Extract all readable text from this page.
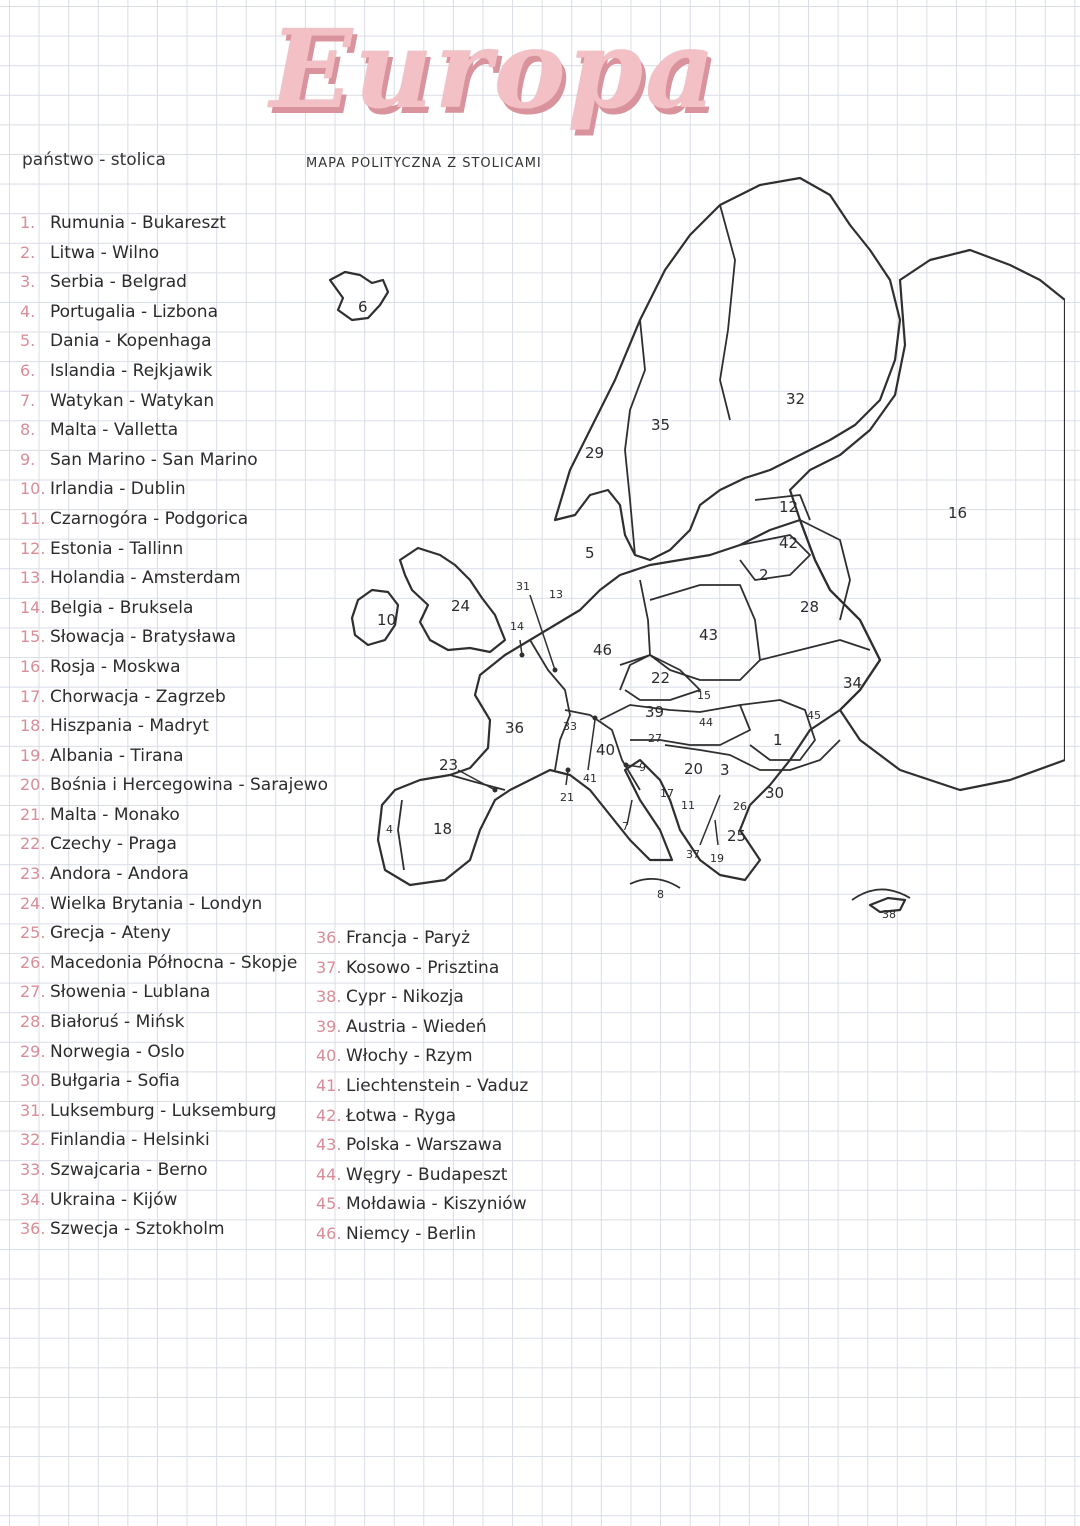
Europa
państwo - stolica	MAPA POLITYCZNA Z STOLICAMI
1. Rumunia - Bukareszt
2. Litwa - Wilno
3. Serbia - Belgrad
4. Portugalia - Lizbona
5. Dania - Kopenhaga
6. Islandia - Rejkjawik
7. Watykan - Watykan
8. Malta - Valletta
9. San Marino - San Marino
10. Irlandia - Dublin
11. Czarnogóra - Podgorica
12. Estonia - Tallinn
13. Holandia - Amsterdam
14. Belgia - Bruksela
15. Słowacja - Bratysława
16. Rosja - Moskwa
17. Chorwacja - Zagrzeb
18. Hiszpania - Madryt
19. Albania - Tirana
20. Bośnia i Hercegowina - Sarajewo
21. Malta - Monako
22. Czechy - Praga
23. Andora - Andora
24. Wielka Brytania - Londyn
25. Grecja - Ateny
26. Macedonia Północna - Skopje
27. Słowenia - Lublana
28. Białoruś - Mińsk
29. Norwegia - Oslo
30. Bułgaria - Sofia
31. Luksemburg - Luksemburg
32. Finlandia - Helsinki
33. Szwajcaria - Berno
34. Ukraina - Kijów
36. Szwecja - Sztokholm
36. Francja - Paryż
37. Kosowo - Prisztina
38. Cypr - Nikozja
39. Austria - Wiedeń
40. Włochy - Rzym
41. Liechtenstein - Vaduz
42. Łotwa - Ryga
43. Polska - Warszawa
44. Węgry - Budapeszt
45. Mołdawia - Kiszyniów
46. Niemcy - Berlin
6
29
35
32
16
12
42
2
5
31
13
24
10	14
46
43
28
22
15
34
39
44
45
1
33
40
27
9	20 3
23
36
21
41
17
11	26
30
18
4	25
37 19
7
8
38
